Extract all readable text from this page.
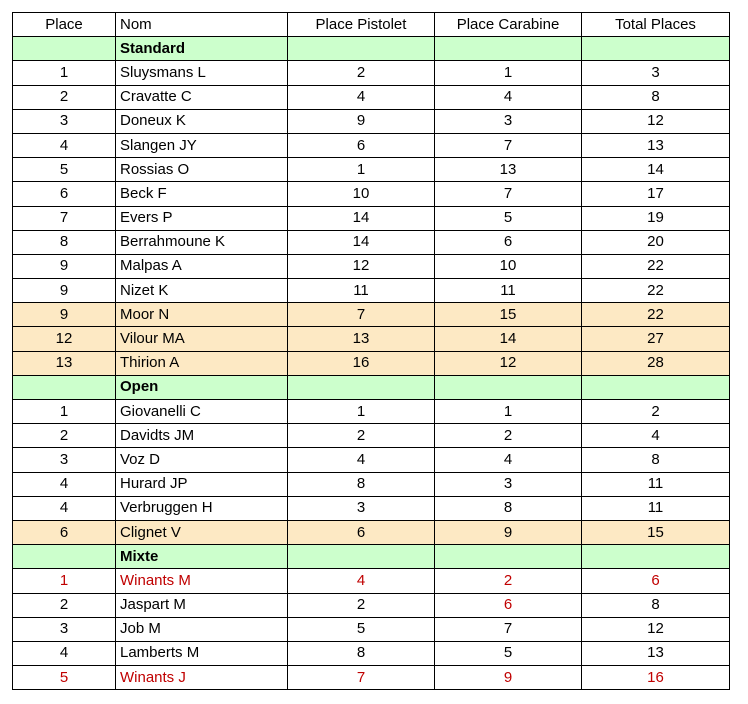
Place	Nom	Place Pistolet	Place Carabine	Total Places
	Standard			
1	Sluysmans L	2	1	3
2	Cravatte C	4	4	8
3	Doneux K	9	3	12
4	Slangen JY	6	7	13
5	Rossias O	1	13	14
6	Beck F	10	7	17
7	Evers P	14	5	19
8	Berrahmoune K	14	6	20
9	Malpas A	12	10	22
9	Nizet K	11	11	22
9	Moor N	7	15	22
12	Vilour MA	13	14	27
13	Thirion A	16	12	28
	Open			
1	Giovanelli C	1	1	2
2	Davidts JM	2	2	4
3	Voz D	4	4	8
4	Hurard JP	8	3	11
4	Verbruggen H	3	8	11
6	Clignet V	6	9	15
	Mixte			
1	Winants M	4	2	6
2	Jaspart M	2	6	8
3	Job M	5	7	12
4	Lamberts M	8	5	13
5	Winants J	7	9	16
